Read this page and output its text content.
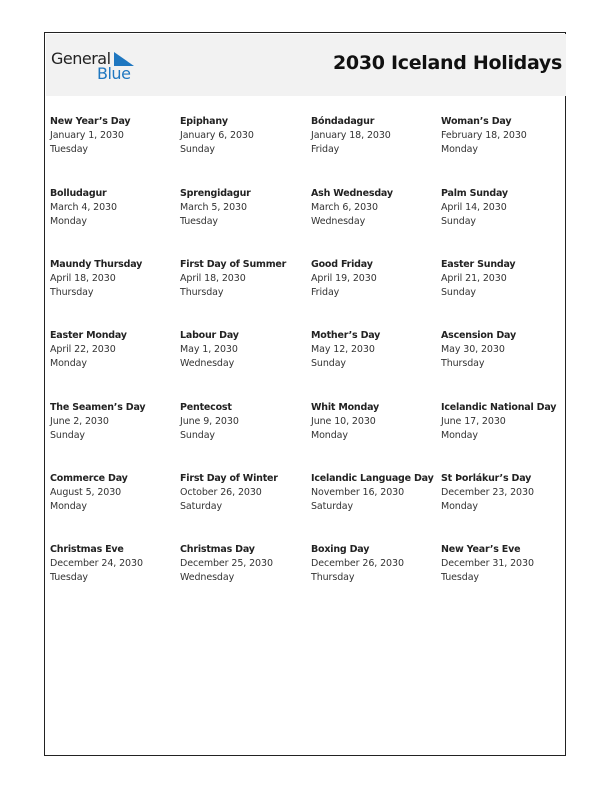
General
Blue	2030 Iceland Holidays
New Year’s Day
January 1, 2030
Tuesday
Epiphany
January 6, 2030
Sunday
Bóndadagur
January 18, 2030
Friday
Woman’s Day
February 18, 2030
Monday
Bolludagur
March 4, 2030
Monday
Sprengidagur
March 5, 2030
Tuesday
Ash Wednesday
March 6, 2030
Wednesday
Palm Sunday
April 14, 2030
Sunday
Maundy Thursday
April 18, 2030
Thursday
First Day of Summer
April 18, 2030
Thursday
Good Friday
April 19, 2030
Friday
Easter Sunday
April 21, 2030
Sunday
Easter Monday
April 22, 2030
Monday
Labour Day
May 1, 2030
Wednesday
Mother’s Day
May 12, 2030
Sunday
Ascension Day
May 30, 2030
Thursday
The Seamen’s Day
June 2, 2030
Sunday
Pentecost
June 9, 2030
Sunday
Whit Monday
June 10, 2030
Monday
Icelandic National Day
June 17, 2030
Monday
Commerce Day
August 5, 2030
Monday
First Day of Winter
October 26, 2030
Saturday
Icelandic Language Day
November 16, 2030
Saturday
St Þorlákur’s Day
December 23, 2030
Monday
Christmas Eve
December 24, 2030
Tuesday
Christmas Day
December 25, 2030
Wednesday
Boxing Day
December 26, 2030
Thursday
New Year’s Eve
December 31, 2030
Tuesday
